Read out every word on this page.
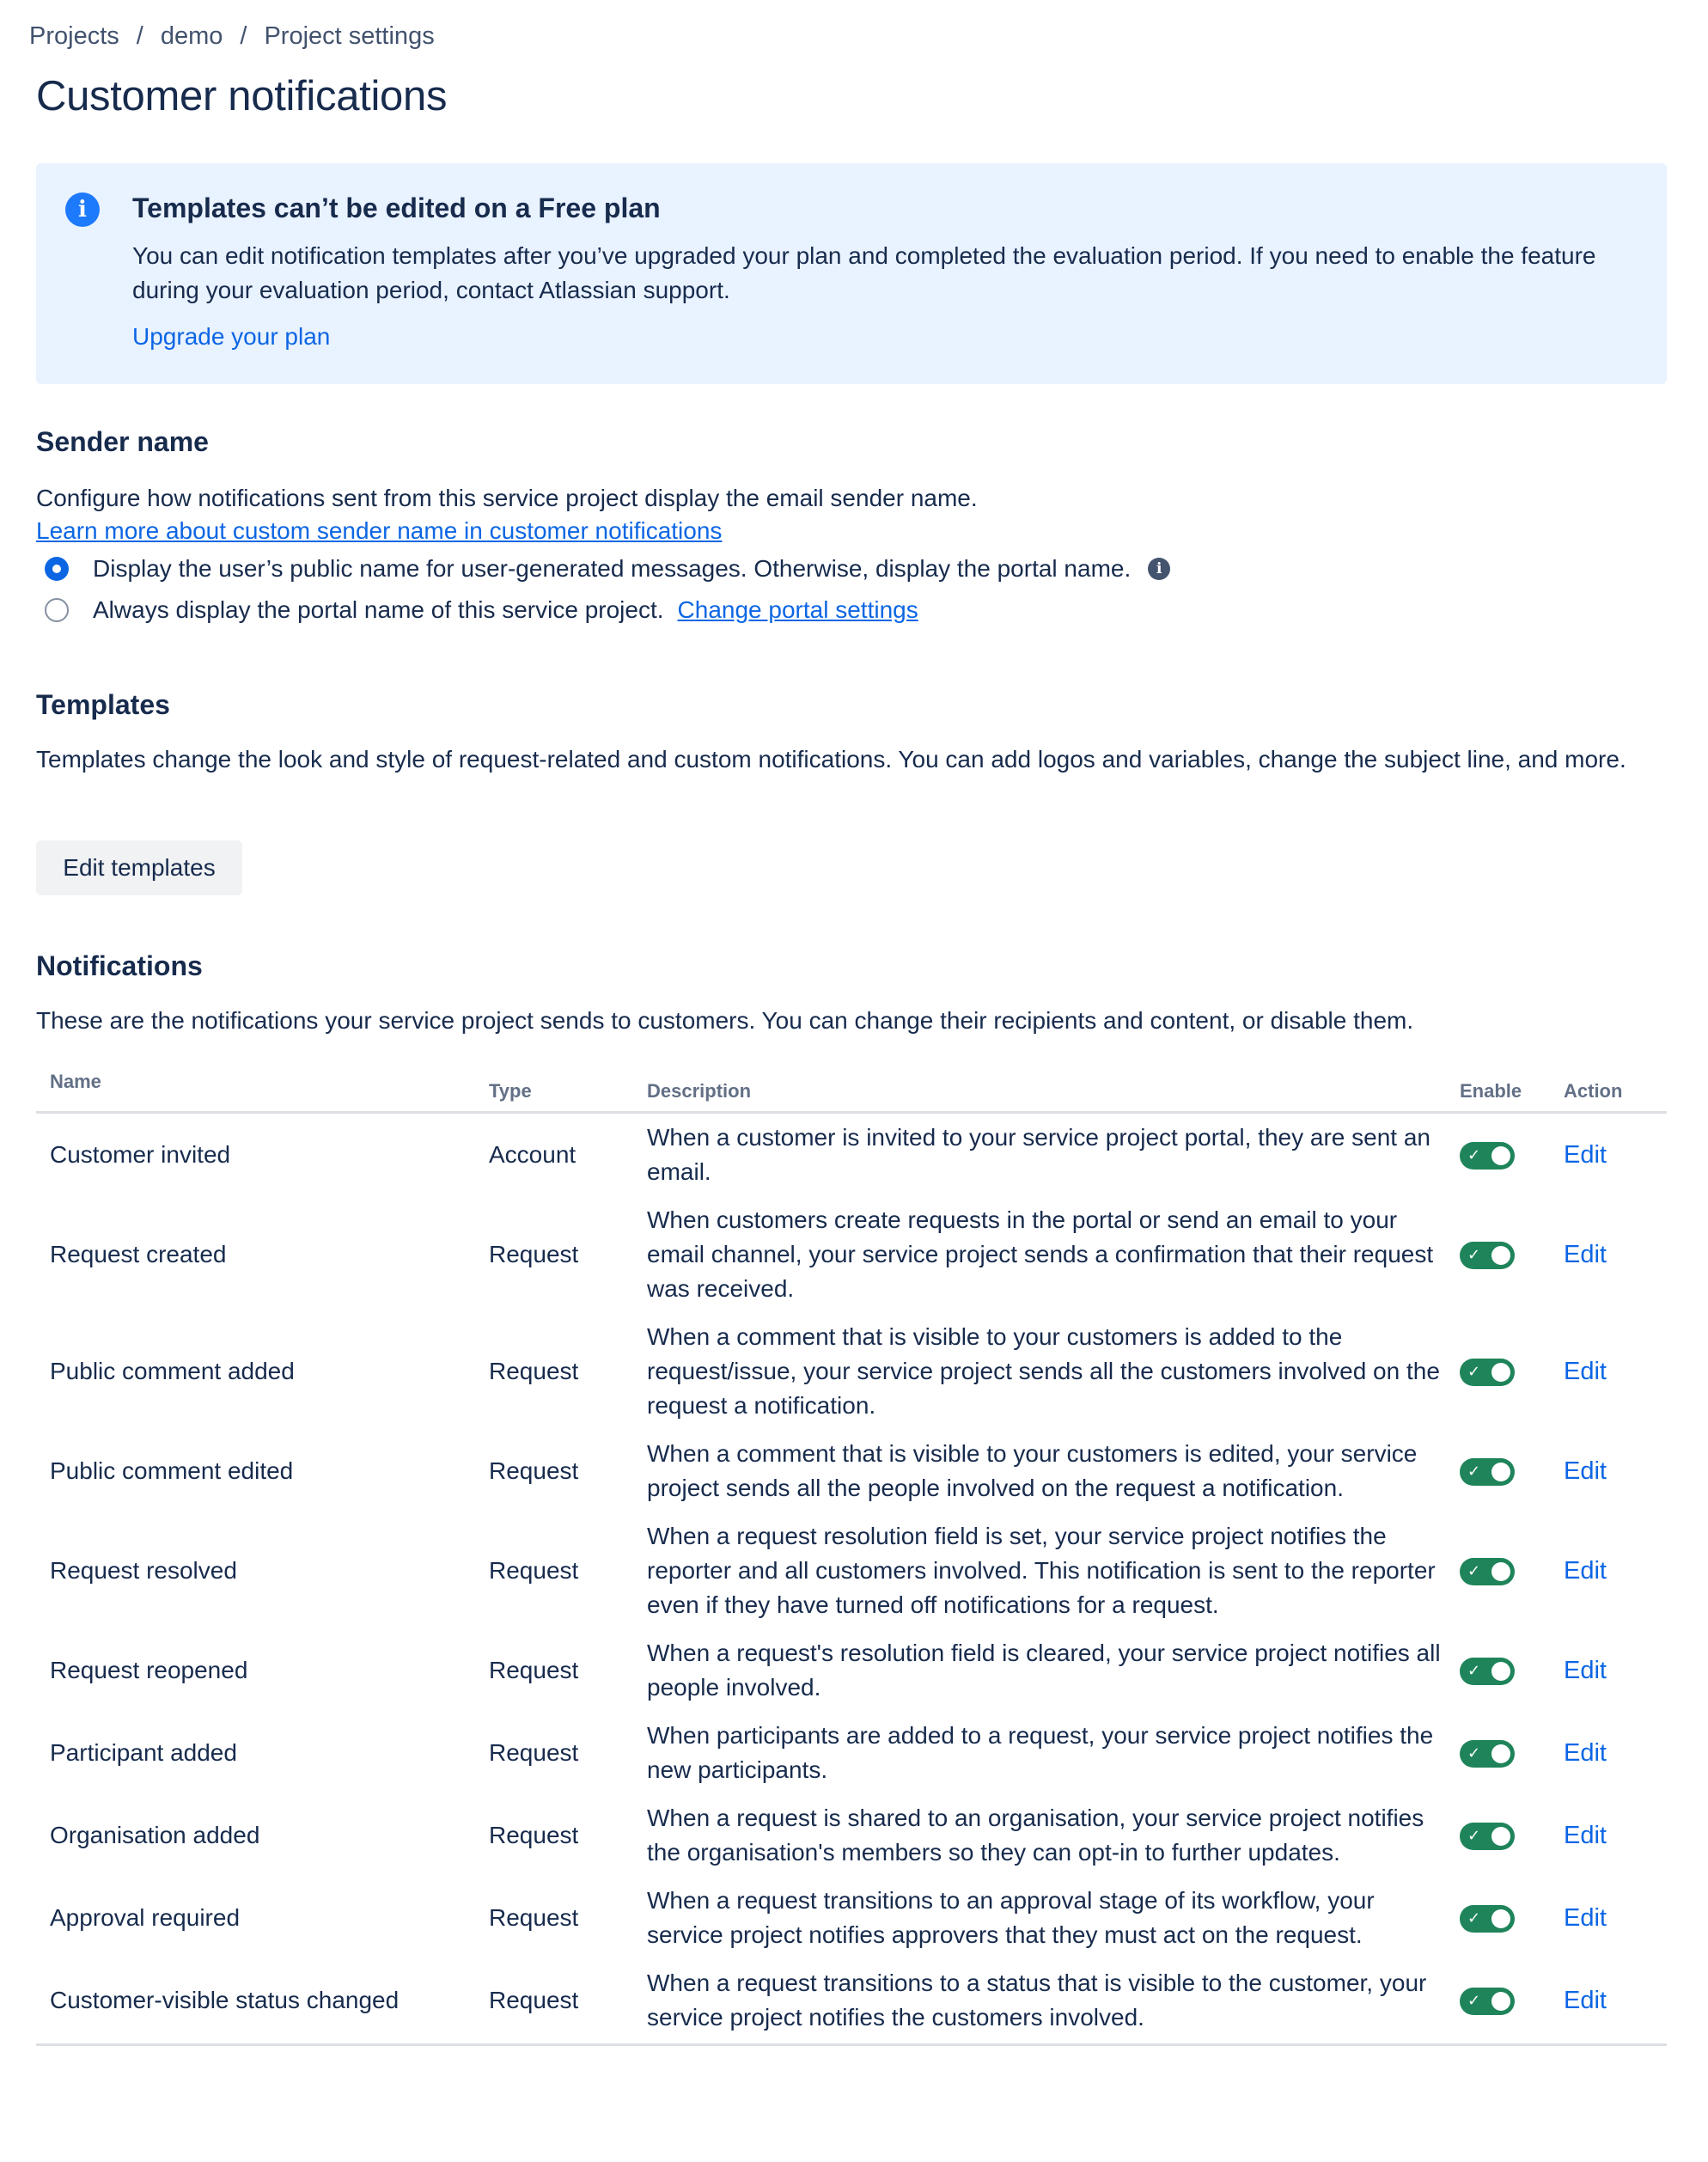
Projects / demo / Project settings
Customer notifications
i	Templates can’t be edited on a Free plan
You can edit notification templates after you’ve upgraded your plan and completed the evaluation period. If you need to enable the feature during your evaluation period, contact Atlassian support.
Upgrade your plan
Sender name

Configure how notifications sent from this service project display the email sender name.

Learn more about custom sender name in customer notifications
Display the user’s public name for user-generated messages. Otherwise, display the portal name.	i
Always display the portal name of this service project. Change portal settings
Templates

Templates change the look and style of request-related and custom notifications. You can add logos and variables, change the subject line, and more.

Edit templates
Notifications

These are the notifications your service project sends to customers. You can change their recipients and content, or disable them.

Name	Type	Description	Enable	Action
Customer invited	Account	When a customer is invited to your service project portal, they are sent an email.	✓	Edit
Request created	Request	When customers create requests in the portal or send an email to your email channel, your service project sends a confirmation that their request was received.	✓	Edit
Public comment added	Request	When a comment that is visible to your customers is added to the request/issue, your service project sends all the customers involved on the request a notification.	✓	Edit
Public comment edited	Request	When a comment that is visible to your customers is edited, your service project sends all the people involved on the request a notification.	✓	Edit
Request resolved	Request	When a request resolution field is set, your service project notifies the reporter and all customers involved. This notification is sent to the reporter even if they have turned off notifications for a request.	✓	Edit
Request reopened	Request	When a request's resolution field is cleared, your service project notifies all people involved.	✓	Edit
Participant added	Request	When participants are added to a request, your service project notifies the new participants.	✓	Edit
Organisation added	Request	When a request is shared to an organisation, your service project notifies the organisation's members so they can opt-in to further updates.	✓	Edit
Approval required	Request	When a request transitions to an approval stage of its workflow, your service project notifies approvers that they must act on the request.	✓	Edit
Customer-visible status changed	Request	When a request transitions to a status that is visible to the customer, your service project notifies the customers involved.	✓	Edit
